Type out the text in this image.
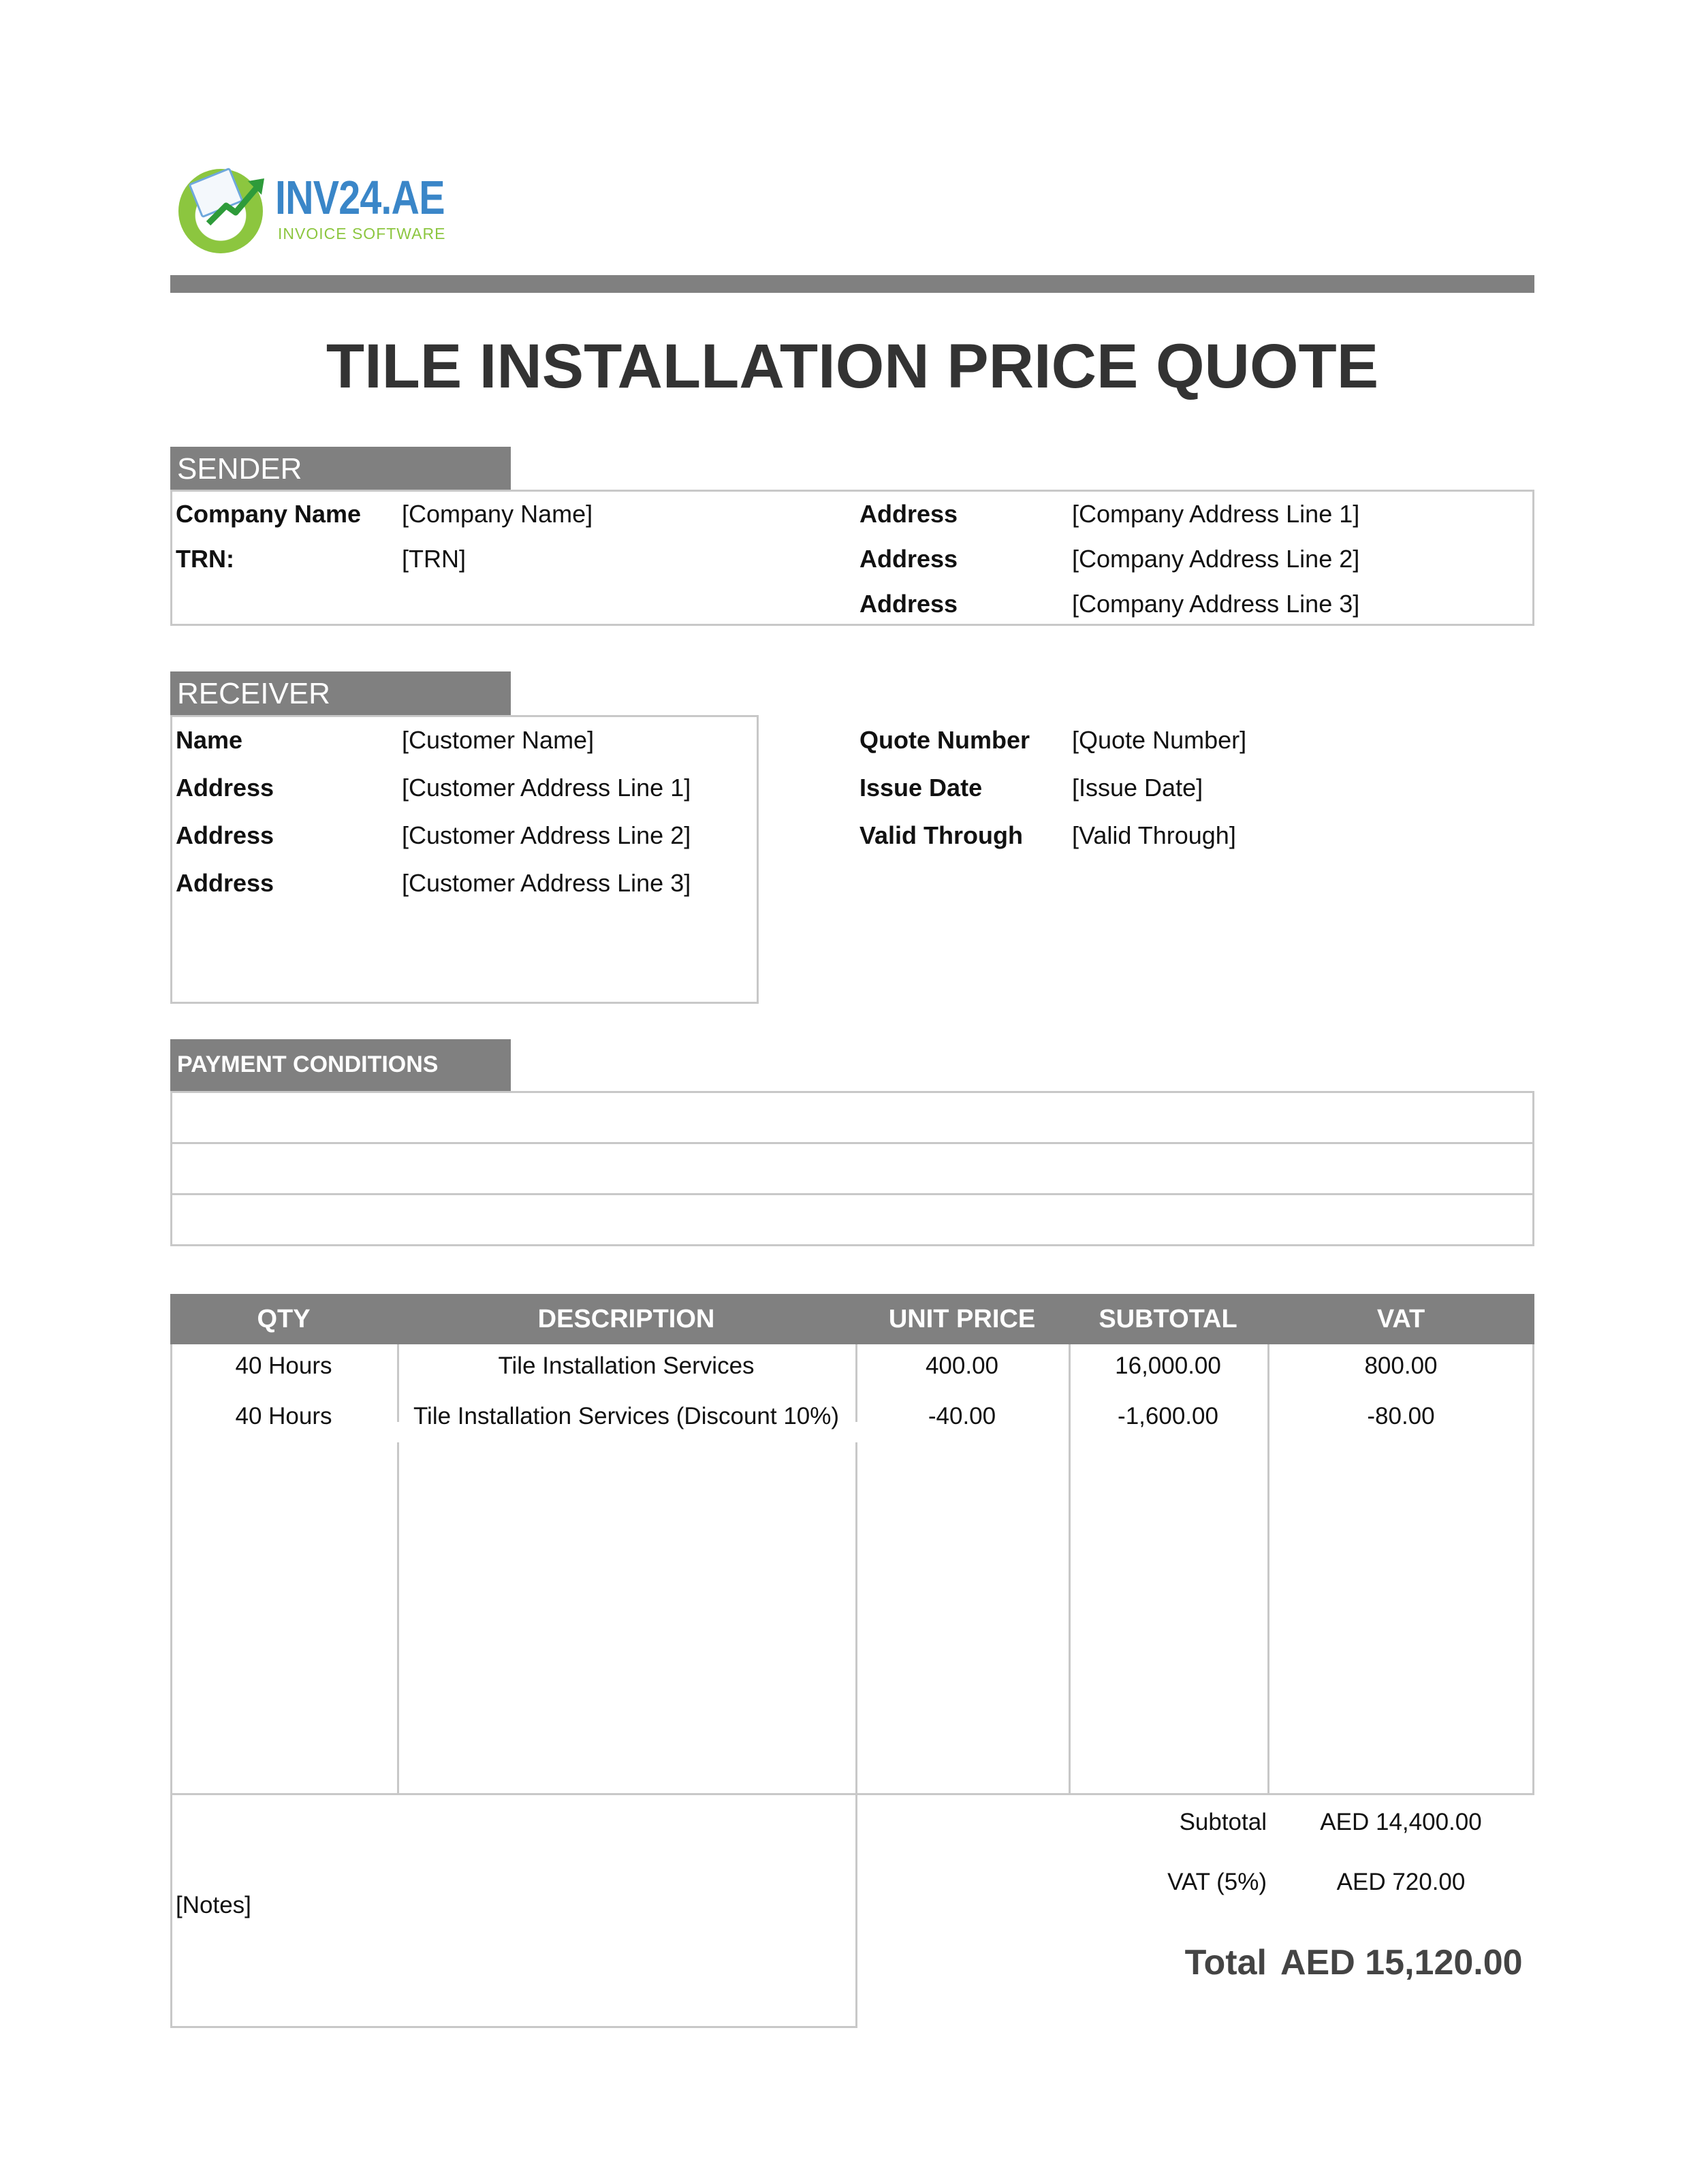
INV24.AE
INVOICE SOFTWARE
TILE INSTALLATION PRICE QUOTE
SENDER
Company Name [Company Name]
TRN:	[TRN]
Address	[Company Address Line 1]
Address	[Company Address Line 2]
Address	[Company Address Line 3]
RECEIVER
Name	[Customer Name]
Address	[Customer Address Line 1]
Address	[Customer Address Line 2]
Address	[Customer Address Line 3]
Quote Number [Quote Number]
Issue Date	[Issue Date]
Valid Through [Valid Through]
PAYMENT CONDITIONS
QTY	DESCRIPTION	UNIT PRICE	SUBTOTAL	VAT
40 Hours	Tile Installation Services	400.00	16,000.00	800.00
40 Hours	Tile Installation Services (Discount 10%)	-40.00	-1,600.00	-80.00
[Notes]
Subtotal	AED 14,400.00
VAT (5%)	AED 720.00
Total AED 15,120.00
